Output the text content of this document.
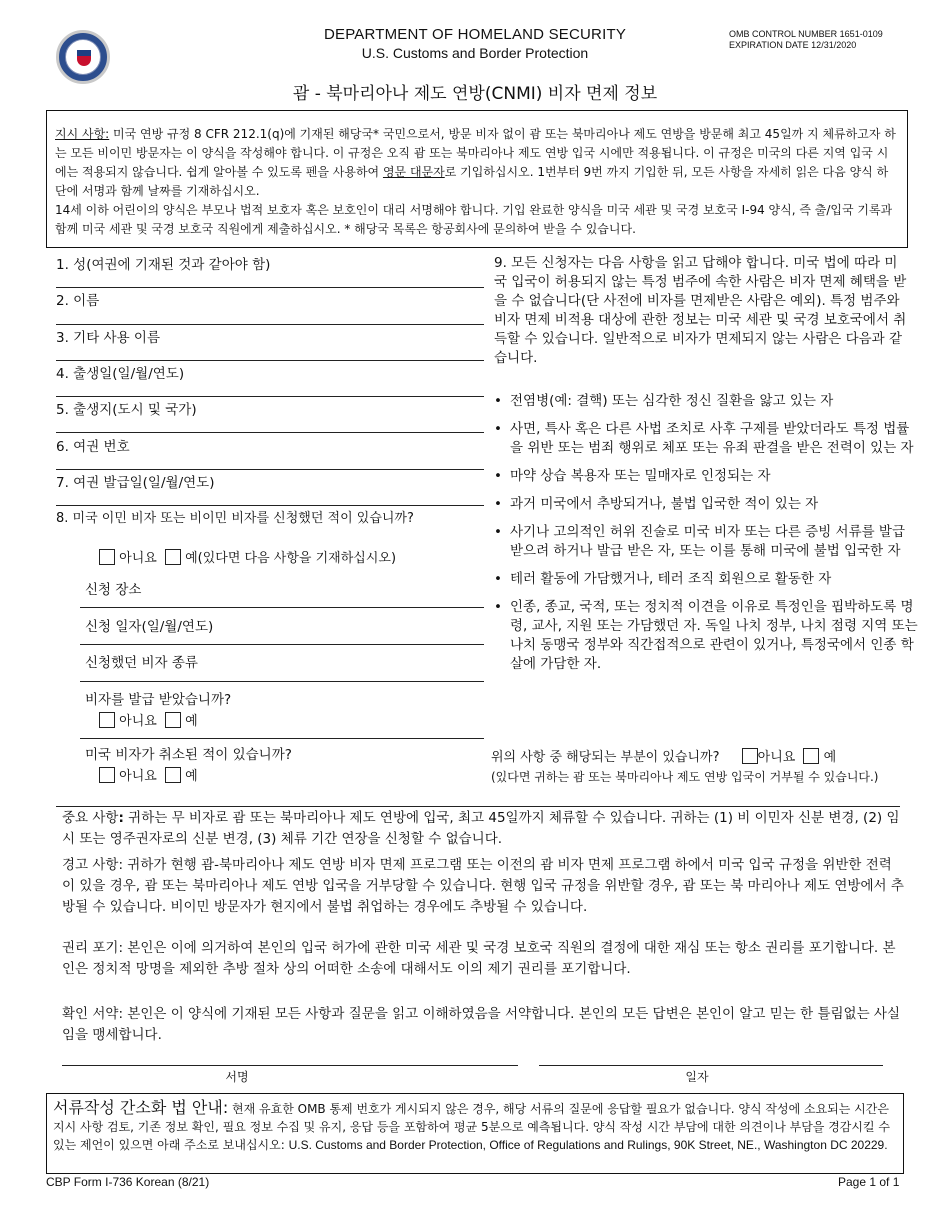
DEPARTMENT OF HOMELAND SECURITY
U.S. Customs and Border Protection
OMB CONTROL NUMBER 1651-0109
EXPIRATION DATE 12/31/2020
괌 - 북마리아나 제도 연방(CNMI) 비자 면제 정보
지시 사항: 미국 연방 규정 8 CFR 212.1(q)에 기재된 해당국* 국민으로서, 방문 비자 없이 괌 또는 북마리아나 제도 연방을 방문해 최고 45일까 지 체류하고자 하는 모든 비이민 방문자는 이 양식을 작성해야 합니다. 이 규정은 오직 괌 또는 북마리아나 제도 연방 입국 시에만 적용됩니다. 이 규정은 미국의 다른 지역 입국 시에는 적용되지 않습니다. 쉽게 알아볼 수 있도록 펜을 사용하여 영문 대문자로 기입하십시오. 1번부터 9번 까지 기입한 뒤, 모든 사항을 자세히 읽은 다음 양식 하단에 서명과 함께 날짜를 기재하십시오.
14세 이하 어린이의 양식은 부모나 법적 보호자 혹은 보호인이 대리 서명해야 합니다. 기입 완료한 양식을 미국 세관 및 국경 보호국 I-94 양식, 즉 출/입국 기록과 함께 미국 세관 및 국경 보호국 직원에게 제출하십시오. * 해당국 목록은 항공회사에 문의하여 받을 수 있습니다.
1. 성(여권에 기재된 것과 같아야 함)
2. 이름
3. 기타 사용 이름
4. 출생일(일/월/연도)
5. 출생지(도시 및 국가)
6. 여권 번호
7. 여권 발급일(일/월/연도)
8. 미국 이민 비자 또는 비이민 비자를 신청했던 적이 있습니까?
아니요 예(있다면 다음 사항을 기재하십시오)
신청 장소
신청 일자(일/월/연도)
신청했던 비자 종류
비자를 발급 받았습니까?
아니요 예
미국 비자가 취소된 적이 있습니까?
아니요 예
9. 모든 신청자는 다음 사항을 읽고 답해야 합니다. 미국 법에 따라 미국 입국이 허용되지 않는 특정 범주에 속한 사람은 비자 면제 혜택을 받을 수 없습니다(단 사전에 비자를 면제받은 사람은 예외). 특정 범주와 비자 면제 비적용 대상에 관한 정보는 미국 세관 및 국경 보호국에서 취득할 수 있습니다. 일반적으로 비자가 면제되지 않는 사람은 다음과 같습니다.
• 전염병(예: 결핵) 또는 심각한 정신 질환을 앓고 있는 자
• 사면, 특사 혹은 다른 사법 조치로 사후 구제를 받았더라도 특정 법률을 위반 또는 범죄 행위로 체포 또는 유죄 판결을 받은 전력이 있는 자
• 마약 상습 복용자 또는 밀매자로 인정되는 자
• 과거 미국에서 추방되거나, 불법 입국한 적이 있는 자
• 사기나 고의적인 허위 진술로 미국 비자 또는 다른 증빙 서류를 발급 받으려 하거나 발급 받은 자, 또는 이를 통해 미국에 불법 입국한 자
• 테러 활동에 가담했거나, 테러 조직 회원으로 활동한 자
• 인종, 종교, 국적, 또는 정치적 이견을 이유로 특정인을 핍박하도록 명령, 교사, 지원 또는 가담했던 자. 독일 나치 정부, 나치 점령 지역 또는 나치 동맹국 정부와 직간접적으로 관련이 있거나, 특정국에서 인종 학살에 가담한 자.
위의 사항 중 해당되는 부분이 있습니까?	아니요 예
(있다면 귀하는 괌 또는 북마리아나 제도 연방 입국이 거부될 수 있습니다.)
중요 사항: 귀하는 무 비자로 괌 또는 북마리아나 제도 연방에 입국, 최고 45일까지 체류할 수 있습니다. 귀하는 (1) 비 이민자 신분 변경, (2) 임시 또는 영주권자로의 신분 변경, (3) 체류 기간 연장을 신청할 수 없습니다.
경고 사항: 귀하가 현행 괌-북마리아나 제도 연방 비자 면제 프로그램 또는 이전의 괌 비자 면제 프로그램 하에서 미국 입국 규정을 위반한 전력이 있을 경우, 괌 또는 북마리아나 제도 연방 입국을 거부당할 수 있습니다. 현행 입국 규정을 위반할 경우, 괌 또는 북 마리아나 제도 연방에서 추방될 수 있습니다. 비이민 방문자가 현지에서 불법 취업하는 경우에도 추방될 수 있습니다.
권리 포기: 본인은 이에 의거하여 본인의 입국 허가에 관한 미국 세관 및 국경 보호국 직원의 결정에 대한 재심 또는 항소 권리를 포기합니다. 본인은 정치적 망명을 제외한 추방 절차 상의 어떠한 소송에 대해서도 이의 제기 권리를 포기합니다.
확인 서약: 본인은 이 양식에 기재된 모든 사항과 질문을 읽고 이해하였음을 서약합니다. 본인의 모든 답변은 본인이 알고 믿는 한 틀림없는 사실임을 맹세합니다.
서명	일자
서류작성 간소화 법 안내: 현재 유효한 OMB 통제 번호가 게시되지 않은 경우, 해당 서류의 질문에 응답할 필요가 없습니다. 양식 작성에 소요되는 시간은 지시 사항 검토, 기존 정보 확인, 필요 정보 수집 및 유지, 응답 등을 포함하여 평균 5분으로 예측됩니다. 양식 작성 시간 부담에 대한 의견이나 부담을 경감시킬 수 있는 제언이 있으면 아래 주소로 보내십시오: U.S. Customs and Border Protection, Office of Regulations and Rulings, 90K Street, NE., Washington DC 20229.
CBP Form I-736 Korean (8/21)	Page 1 of 1
